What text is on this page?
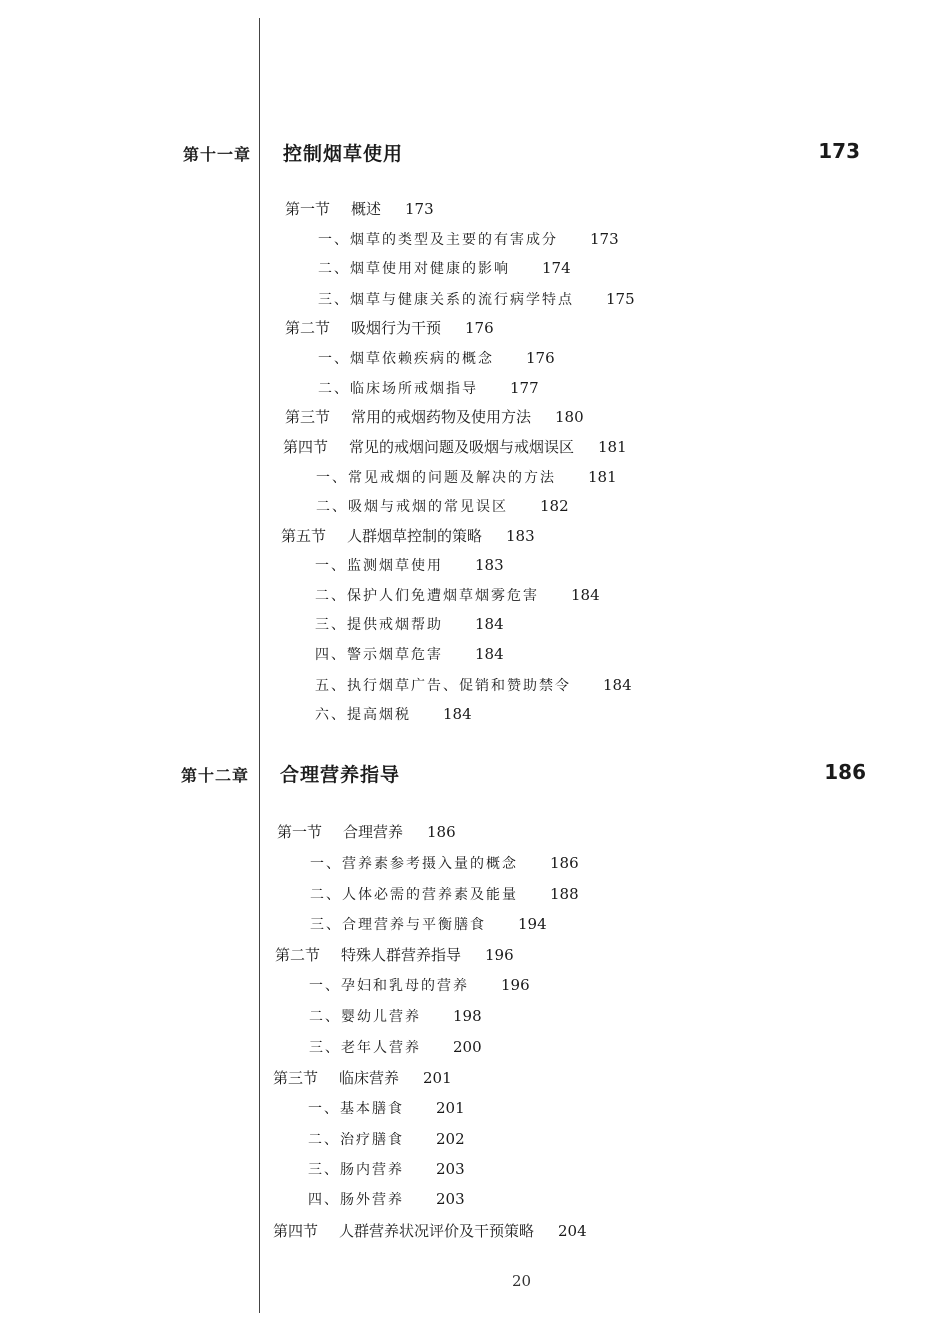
第十一章 控制烟草使用	173
第一节 概述 173
一、烟草的类型及主要的有害成分 173
二、烟草使用对健康的影响 174
三、烟草与健康关系的流行病学特点 175
第二节 吸烟行为干预 176
一、烟草依赖疾病的概念 176
二、临床场所戒烟指导 177
第三节 常用的戒烟药物及使用方法 180
第四节 常见的戒烟问题及吸烟与戒烟误区 181
一、常见戒烟的问题及解决的方法 181
二、吸烟与戒烟的常见误区 182
第五节 人群烟草控制的策略 183
一、监测烟草使用 183
二、保护人们免遭烟草烟雾危害 184
三、提供戒烟帮助 184
四、警示烟草危害 184
五、执行烟草广告、促销和赞助禁令 184
六、提高烟税 184
第十二章 合理营养指导	186
第一节 合理营养 186
一、营养素参考摄入量的概念 186
二、人体必需的营养素及能量 188
三、合理营养与平衡膳食 194
第二节 特殊人群营养指导 196
一、孕妇和乳母的营养 196
二、婴幼儿营养 198
三、老年人营养 200
第三节 临床营养 201
一、基本膳食 201
二、治疗膳食 202
三、肠内营养 203
四、肠外营养 203
第四节 人群营养状况评价及干预策略 204
20
